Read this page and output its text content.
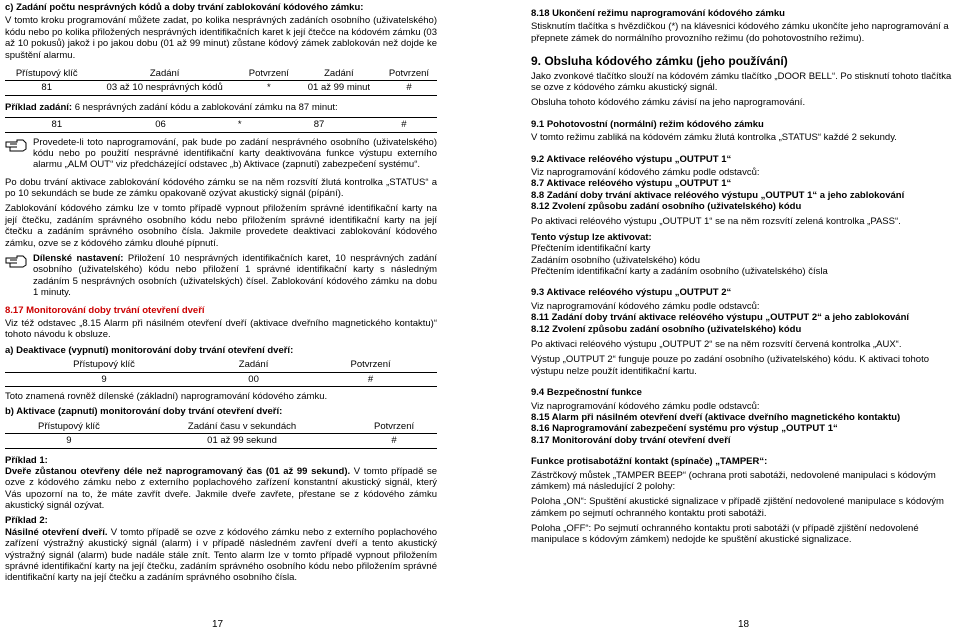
c) Zadání počtu nesprávných kódů a doby trvání zablokování kódového zámku:

V tomto kroku programování můžete zadat, po kolika nesprávných zadáních osobního (uživatelského) kódu nebo po kolika přiložených nesprávných identifikačních karet k její čtečce na kódovém zámku (03 až 10 pokusů) jakož i po jakou dobu (01 až 99 minut) zůstane kódový zámek zablokován než dojde ke spuštění alarmu.

Přístupový klíč	Zadání	Potvrzení	Zadání	Potvrzení
81	03 až 10 nesprávných kódů	*	01 až 99 minut	#

Příklad zadání: 6 nesprávných zadání kódu a zablokování zámku na 87 minut:

81	06	*	87	#
Provedete-li toto naprogramování, pak bude po zadání nesprávného osobního (uživatelského) kódu nebo po použití nesprávné identifikační karty deaktivována funkce výstupu externího alarmu „ALM OUT“ viz předcházející odstavec „b) Aktivace (zapnutí) zabezpečení systému“.

Po dobu trvání aktivace zablokování kódového zámku se na něm rozsvítí žlutá kontrolka „STATUS“ a po 10 sekundách se bude ze zámku opakovaně ozývat akustický signál (pípání).

Zablokování kódového zámku lze v tomto případě vypnout přiložením správné identifikační karty na její čtečku, zadáním správného osobního kódu nebo přiložením správné identifikační karty na její čtečku a zadáním správného osobního čísla. Jakmile provedete deaktivaci zablokování kódového zámku, ozve se z kódového zámku dlouhé pípnutí.

Dílenské nastavení: Přiložení 10 nesprávných identifikačních karet, 10 nesprávných zadání osobního (uživatelského) kódu nebo přiložení 1 správné identifikační karty s následným zadáním 5 nesprávných osobních (uživatelských) čísel. Zablokování kódového zámku na dobu 1 minuty.
8.17 Monitorování doby trvání otevření dveří

Viz též odstavec „8.15 Alarm při násilném otevření dveří (aktivace dveřního magnetického kontaktu)“ tohoto návodu k obsluze.

a) Deaktivace (vypnutí) monitorování doby trvání otevření dveří:
Přístupový klíč	Zadání	Potvrzení
9	00	#

Toto znamená rovněž dílenské (základní) naprogramování kódového zámku.

b) Aktivace (zapnutí) monitorování doby trvání otevření dveří:
Přístupový klíč	Zadání času v sekundách	Potvrzení
9	01 až 99 sekund	#

Příklad 1:

Dveře zůstanou otevřeny déle než naprogramovaný čas (01 až 99 sekund). V tomto případě se ozve z kódového zámku nebo z externího poplachového zařízení konstantní akustický signál, který Vás upozorní na to, že máte zavřít dveře. Jakmile dveře zavřete, přestane se z kódového zámku akustický signál ozývat.

Příklad 2:

Násilné otevření dveří. V tomto případě se ozve z kódového zámku nebo z externího poplachového zařízení výstražný akustický signál (alarm) i v případě následném zavření dveří a tento akustický výstražný signál (alarm) bude nadále stále znít. Tento alarm lze v tomto případě vypnout přiložením správné identifikační karty na její čtečku, zadáním správného osobního kódu nebo přiložením správné identifikační karty na její čtečku a zadáním správného osobního čísla.

17
8.18 Ukončení režimu naprogramování kódového zámku

Stisknutím tlačítka s hvězdičkou (*) na klávesnici kódového zámku ukončíte jeho naprogramování a přepnete zámek do normálního provozního režimu (do pohotovostního režimu).

9. Obsluha kódového zámku (jeho používání)

Jako zvonkové tlačítko slouží na kódovém zámku tlačítko „DOOR BELL“. Po stisknutí tohoto tlačítka se ozve z kódového zámku akustický signál.

Obsluha tohoto kódového zámku závisí na jeho naprogramování.

9.1 Pohotovostní (normální) režim kódového zámku

V tomto režimu zabliká na kódovém zámku žlutá kontrolka „STATUS“ každé 2 sekundy.

9.2 Aktivace reléového výstupu „OUTPUT 1“

Viz naprogramování kódového zámku podle odstavců:

8.7 Aktivace reléového výstupu „OUTPUT 1“

8.8 Zadání doby trvání aktivace reléového výstupu „OUTPUT 1“ a jeho zablokování

8.12 Zvolení způsobu zadání osobního (uživatelského) kódu

Po aktivaci reléového výstupu „OUTPUT 1“ se na něm rozsvítí zelená kontrolka „PASS“.

Tento výstup lze aktivovat:

Přečtením identifikační karty

Zadáním osobního (uživatelského) kódu

Přečtením identifikační karty a zadáním osobního (uživatelského) čísla

9.3 Aktivace reléového výstupu „OUTPUT 2“

Viz naprogramování kódového zámku podle odstavců:

8.11 Zadání doby trvání aktivace reléového výstupu „OUTPUT 2“ a jeho zablokování

8.12 Zvolení způsobu zadání osobního (uživatelského) kódu

Po aktivaci reléového výstupu „OUTPUT 2“ se na něm rozsvítí červená kontrolka „AUX“.

Výstup „OUTPUT 2“ funguje pouze po zadání osobního (uživatelského) kódu. K aktivaci tohoto výstupu nelze použít identifikační kartu.

9.4 Bezpečnostní funkce

Viz naprogramování kódového zámku podle odstavců:

8.15 Alarm při násilném otevření dveří (aktivace dveřního magnetického kontaktu)

8.16 Naprogramování zabezpečení systému pro výstup „OUTPUT 1“

8.17 Monitorování doby trvání otevření dveří

Funkce protisabotážní kontakt (spínače) „TAMPER“:

Zástrčkový můstek „TAMPER BEEP“ (ochrana proti sabotáži, nedovolené manipulaci s kódovým zámkem) má následující 2 polohy:

Poloha „ON“: Spuštění akustické signalizace v případě zjištění nedovolené manipulace s kódovým zámkem po sejmutí ochranného kontaktu proti sabotáži.

Poloha „OFF“: Po sejmutí ochranného kontaktu proti sabotáži (v případě zjištění nedovolené manipulace s kódovým zámkem) nedojde ke spuštění akustické signalizace.

18
